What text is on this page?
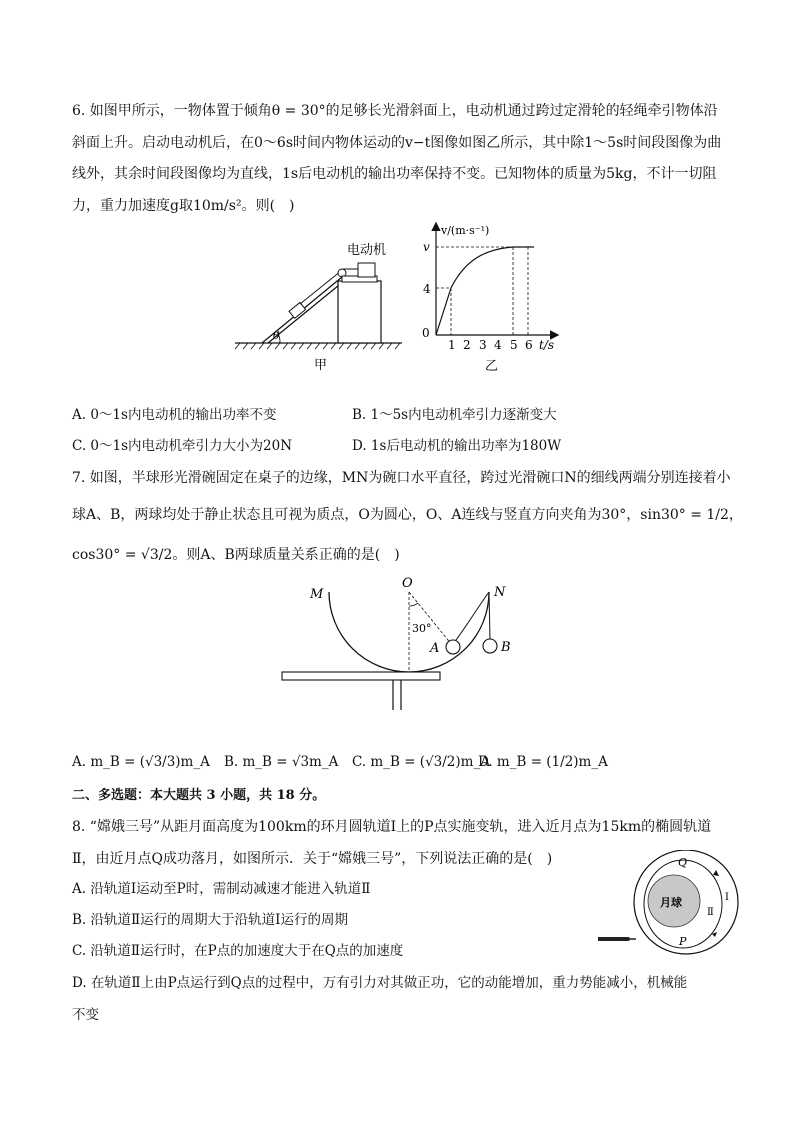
6. 如图甲所示，一物体置于倾角θ = 30°的足够长光滑斜面上，电动机通过跨过定滑轮的轻绳牵引物体沿
斜面上升。启动电动机后，在0～6s时间内物体运动的v−t图像如图乙所示，其中除1～5s时间段图像为曲
线外，其余时间段图像均为直线，1s后电动机的输出功率保持不变。已知物体的质量为5kg，不计一切阻
力，重力加速度g取10m/s²。则(　)
θ
电动机
甲
v/(m·s⁻¹)
t/s
v
4
0
1 2 3 4 5 6
乙
A. 0～1s内电动机的输出功率不变	B. 1～5s内电动机牵引力逐渐变大
C. 0～1s内电动机牵引力大小为20N	D. 1s后电动机的输出功率为180W
7. 如图，半球形光滑碗固定在桌子的边缘，MN为碗口水平直径，跨过光滑碗口N的细线两端分别连接着小
球A、B，两球均处于静止状态且可视为质点，O为圆心，O、A连线与竖直方向夹角为30°，sin30° = 1/2，
cos30° = √3/2。则A、B两球质量关系正确的是(　)
M
O
N
30°
A	B
A. m_B = (√3/3)m_A B. m_B = √3m_A C. m_B = (√3/2)m_A
D. m_B = (1/2)m_A
二、多选题：本大题共 3 小题，共 18 分。
8. “嫦娥三号”从距月面高度为100km的环月圆轨道Ⅰ上的P点实施变轨，进入近月点为15km的椭圆轨道
Ⅱ，由近月点Q成功落月，如图所示．关于“嫦娥三号”，下列说法正确的是(　)
A. 沿轨道Ⅰ运动至P时，需制动减速才能进入轨道Ⅱ
B. 沿轨道Ⅱ运行的周期大于沿轨道Ⅰ运行的周期
C. 沿轨道Ⅱ运行时，在P点的加速度大于在Q点的加速度
D. 在轨道Ⅱ上由P点运行到Q点的过程中，万有引力对其做正功，它的动能增加，重力势能减小，机械能
不变
月球
Q
P
Ⅰ
Ⅱ
